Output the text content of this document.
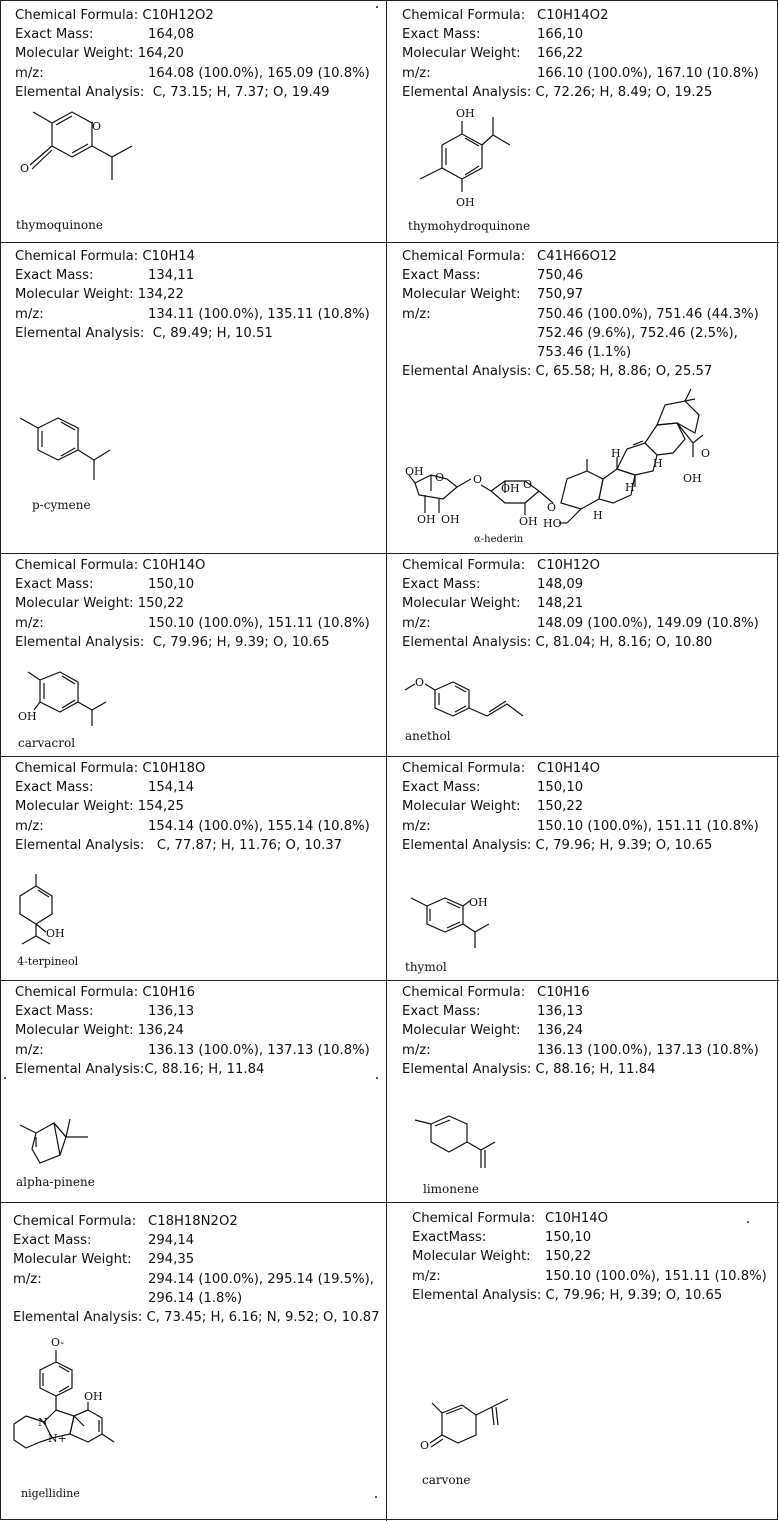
Chemical Formula:
C10H12O2
Exact Mass:	164,08
Molecular Weight:
164,20
m/z:	164.08 (100.0%), 165.09 (10.8%)
Elemental Analysis:
C, 73.15; H, 7.37; O, 19.49
thymoquinone
Chemical Formula: C10H14O2
Exact Mass:	166,10
Molecular Weight:	166,22
m/z:	166.10 (100.0%), 167.10 (10.8%)
Elemental Analysis:
C, 72.26; H, 8.49; O, 19.25
thymohydroquinone
Chemical Formula:
C10H14
Exact Mass:	134,11
Molecular Weight:
134,22
m/z:	134.11 (100.0%), 135.11 (10.8%)
Elemental Analysis:
C, 89.49; H, 10.51
p-cymene
Chemical Formula: C41H66O12
Exact Mass:	750,46
Molecular Weight:	750,97
m/z:	750.46 (100.0%), 751.46 (44.3%) 752.46 (9.6%), 752.46 (2.5%), 753.46 (1.1%)
Elemental Analysis:
C, 65.58; H, 8.86; O, 25.57
α-hederin
Chemical Formula:
C10H14O
Exact Mass:	150,10
Molecular Weight:
150,22
m/z:	150.10 (100.0%), 151.11 (10.8%)
Elemental Analysis:
C, 79.96; H, 9.39; O, 10.65
carvacrol
Chemical Formula: C10H12O
Exact Mass:	148,09
Molecular Weight:	148,21
m/z:	148.09 (100.0%), 149.09 (10.8%)
Elemental Analysis:
C, 81.04; H, 8.16; O, 10.80
anethol
Chemical Formula:
C10H18O
Exact Mass:	154,14
Molecular Weight:
154,25
m/z:	154.14 (100.0%), 155.14 (10.8%)
Elemental Analysis:
C, 77.87; H, 11.76; O, 10.37
4-terpineol
Chemical Formula: C10H14O
Exact Mass:	150,10
Molecular Weight:	150,22
m/z:	150.10 (100.0%), 151.11 (10.8%)
Elemental Analysis:
C, 79.96; H, 9.39; O, 10.65
thymol
Chemical Formula:
C10H16
Exact Mass:	136,13
Molecular Weight:
136,24
m/z:	136.13 (100.0%), 137.13 (10.8%)
Elemental Analysis: C, 88.16; H, 11.84
alpha-pinene
Chemical Formula: C10H16
Exact Mass:	136,13
Molecular Weight:	136,24
m/z:	136.13 (100.0%), 137.13 (10.8%)
Elemental Analysis:
C, 88.16; H, 11.84
limonene
Chemical Formula: C18H18N2O2
Exact Mass:	294,14
Molecular Weight:	294,35
m/z:	294.14 (100.0%), 295.14 (19.5%), 296.14 (1.8%)
Elemental Analysis:
C, 73.45; H, 6.16; N, 9.52; O, 10.87
nigellidine
Chemical Formula: C10H14O
ExactMass:	150,10
Molecular Weight:	150,22
m/z:	150.10 (100.0%), 151.11 (10.8%)
Elemental Analysis:
C, 79.96; H, 9.39; O, 10.65
carvone
O
O
OH
OH
OH O
OH OH
O
OH O
OH
O
O
OH
HO
H
H
H
H
OH
O
OH
OH
O-
OH
N
N+
O
